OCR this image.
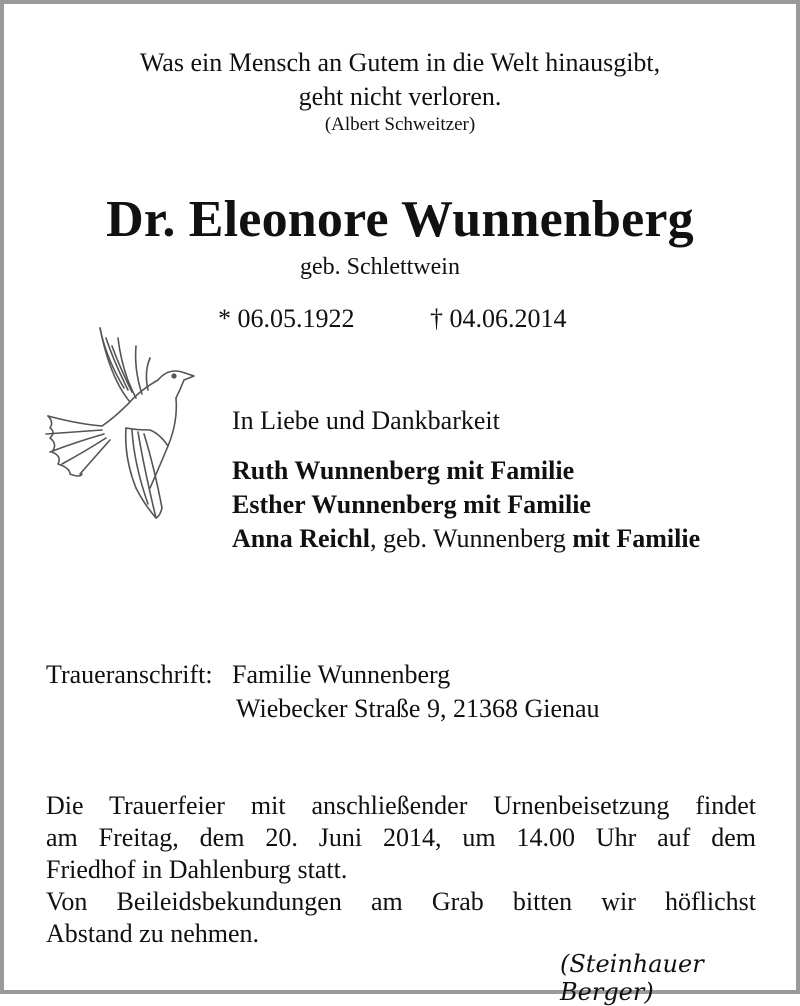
Was ein Mensch an Gutem in die Welt hinausgibt,
geht nicht verloren.
(Albert Schweitzer)
Dr. Eleonore Wunnenberg
geb. Schlettwein
* 06.05.1922	† 04.06.2014
In Liebe und Dankbarkeit
Ruth Wunnenberg mit Familie
Esther Wunnenberg mit Familie
Anna Reichl, geb. Wunnenberg mit Familie
Traueranschrift: Familie Wunnenberg
Wiebecker Straße 9, 21368 Gienau
Die Trauerfeier mit anschließender Urnenbeisetzung findet
am Freitag, dem 20. Juni 2014, um 14.00 Uhr auf dem
Friedhof in Dahlenburg statt.
Von Beileidsbekundungen am Grab bitten wir höflichst
Abstand zu nehmen.
(Steinhauer Berger)
